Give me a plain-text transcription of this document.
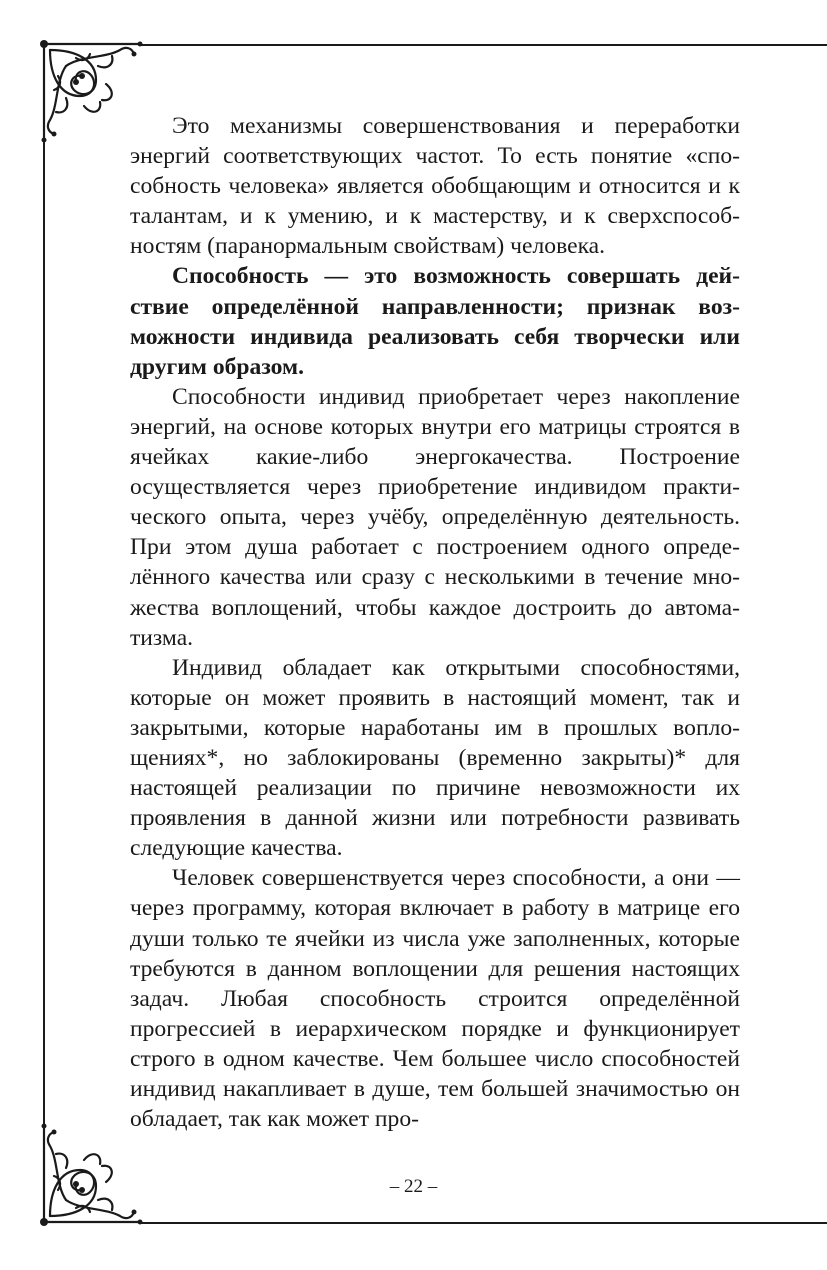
Это механизмы совершенствования и переработки энергий соответствующих частот. То есть понятие «способность человека» является обобщающим и относится и к талантам, и к умению, и к мастерству, и к сверхспособностям (паранормальным свойствам) человека.

Способность — это возможность совершать действие определённой направленности; признак возможности индивида реализовать себя творчески или другим образом.

Способности индивид приобретает через накопление энергий, на основе которых внутри его матрицы строятся в ячейках какие-либо энергокачества. Построение осуществляется через приобретение индивидом практического опыта, через учёбу, определённую деятельность. При этом душа работает с построением одного определённого качества или сразу с несколькими в течение множества воплощений, чтобы каждое достроить до автоматизма.

Индивид обладает как открытыми способностями, которые он может проявить в настоящий момент, так и закрытыми, которые наработаны им в прошлых воплощениях*, но заблокированы (временно закрыты)* для настоящей реализации по причине невозможности их проявления в данной жизни или потребности развивать следующие качества.

Человек совершенствуется через способности, а они — через программу, которая включает в работу в матрице его души только те ячейки из числа уже заполненных, которые требуются в данном воплощении для решения настоящих задач. Любая способность строится определённой прогрессией в иерархическом порядке и функционирует строго в одном качестве. Чем большее число способностей индивид накапливает в душе, тем большей значимостью он обладает, так как может про-

– 22 –
